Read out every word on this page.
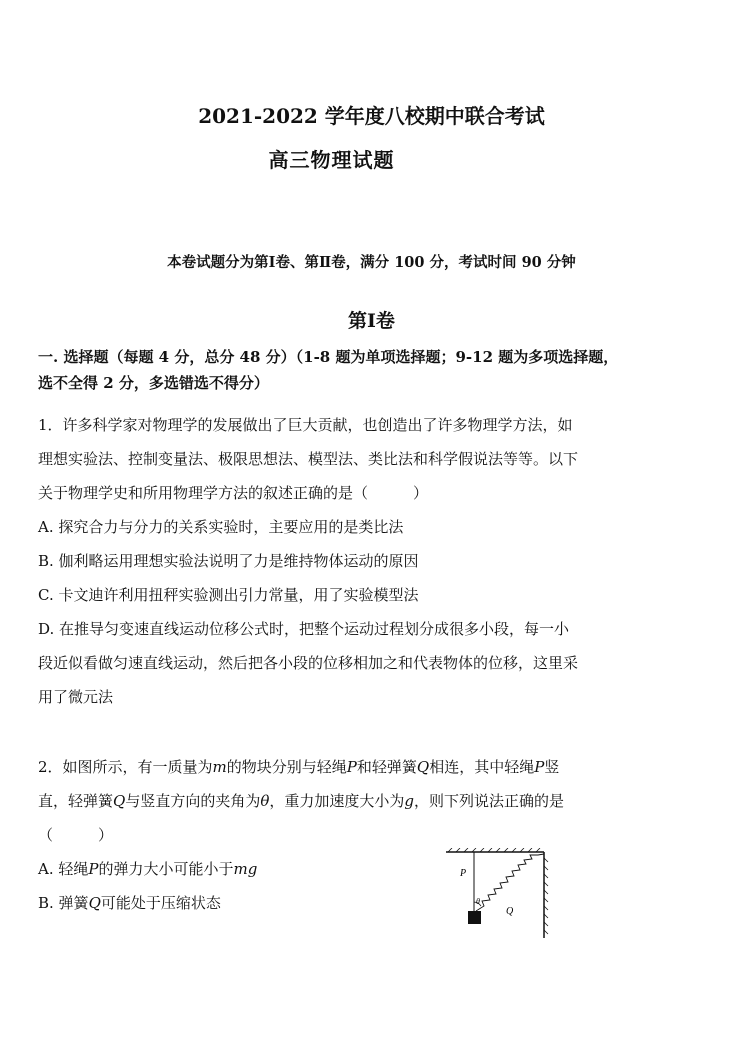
2021-2022 学年度八校期中联合考试
高三物理试题
本卷试题分为第Ⅰ卷、第Ⅱ卷，满分 100 分，考试时间 90 分钟
第Ⅰ卷
一. 选择题（每题 4 分，总分 48 分）（1-8 题为单项选择题；9-12 题为多项选择题，
选不全得 2 分，多选错选不得分）
1．许多科学家对物理学的发展做出了巨大贡献，也创造出了许多物理学方法，如
理想实验法、控制变量法、极限思想法、模型法、类比法和科学假说法等等。以下
关于物理学史和所用物理学方法的叙述正确的是（　　　）
A. 探究合力与分力的关系实验时，主要应用的是类比法
B. 伽利略运用理想实验法说明了力是维持物体运动的原因
C. 卡文迪许利用扭秤实验测出引力常量，用了实验模型法
D. 在推导匀变速直线运动位移公式时，把整个运动过程划分成很多小段，每一小
段近似看做匀速直线运动，然后把各小段的位移相加之和代表物体的位移，这里采
用了微元法
2．如图所示，有一质量为m的物块分别与轻绳P和轻弹簧Q相连，其中轻绳P竖
直，轻弹簧Q与竖直方向的夹角为θ，重力加速度大小为g，则下列说法正确的是
（　　　）
A. 轻绳P的弹力大小可能小于mg
B. 弹簧Q可能处于压缩状态
P
θ
Q
